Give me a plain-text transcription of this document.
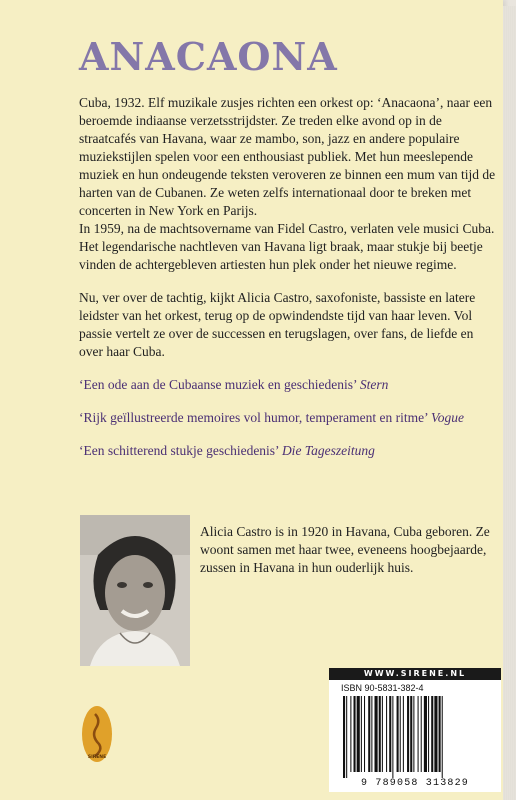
ANACAONA

Cuba, 1932. Elf muzikale zusjes richten een orkest op: ‘Anacaona’, naar een beroemde indiaanse verzetsstrijdster. Ze treden elke avond op in de straatcafés van Havana, waar ze mambo, son, jazz en andere populaire muziekstijlen spelen voor een enthousiast publiek. Met hun meeslepende muziek en hun ondeugende teksten veroveren ze binnen een mum van tijd de harten van de Cubanen. Ze weten zelfs internationaal door te breken met concerten in New York en Parijs.

In 1959, na de machtsovername van Fidel Castro, verlaten vele musici Cuba. Het legendarische nachtleven van Havana ligt braak, maar stukje bij beetje vinden de achtergebleven artiesten hun plek onder het nieuwe regime.

Nu, ver over de tachtig, kijkt Alicia Castro, saxofoniste, bassiste en latere leidster van het orkest, terug op de opwindendste tijd van haar leven. Vol passie vertelt ze over de successen en terugslagen, over fans, de liefde en over haar Cuba.

‘Een ode aan de Cubaanse muziek en geschiedenis’ Stern

‘Rijk geïllustreerde memoires vol humor, temperament en ritme’ Vogue

‘Een schitterend stukje geschiedenis’ Die Tageszeitung

Alicia Castro is in 1920 in Havana, Cuba geboren. Ze woont samen met haar twee, eveneens hoogbejaarde, zussen in Havana in hun ouderlijk huis.

SIRENE
WWW.SIRENE.NL
ISBN 90-5831-382-4
9 789058 313829
